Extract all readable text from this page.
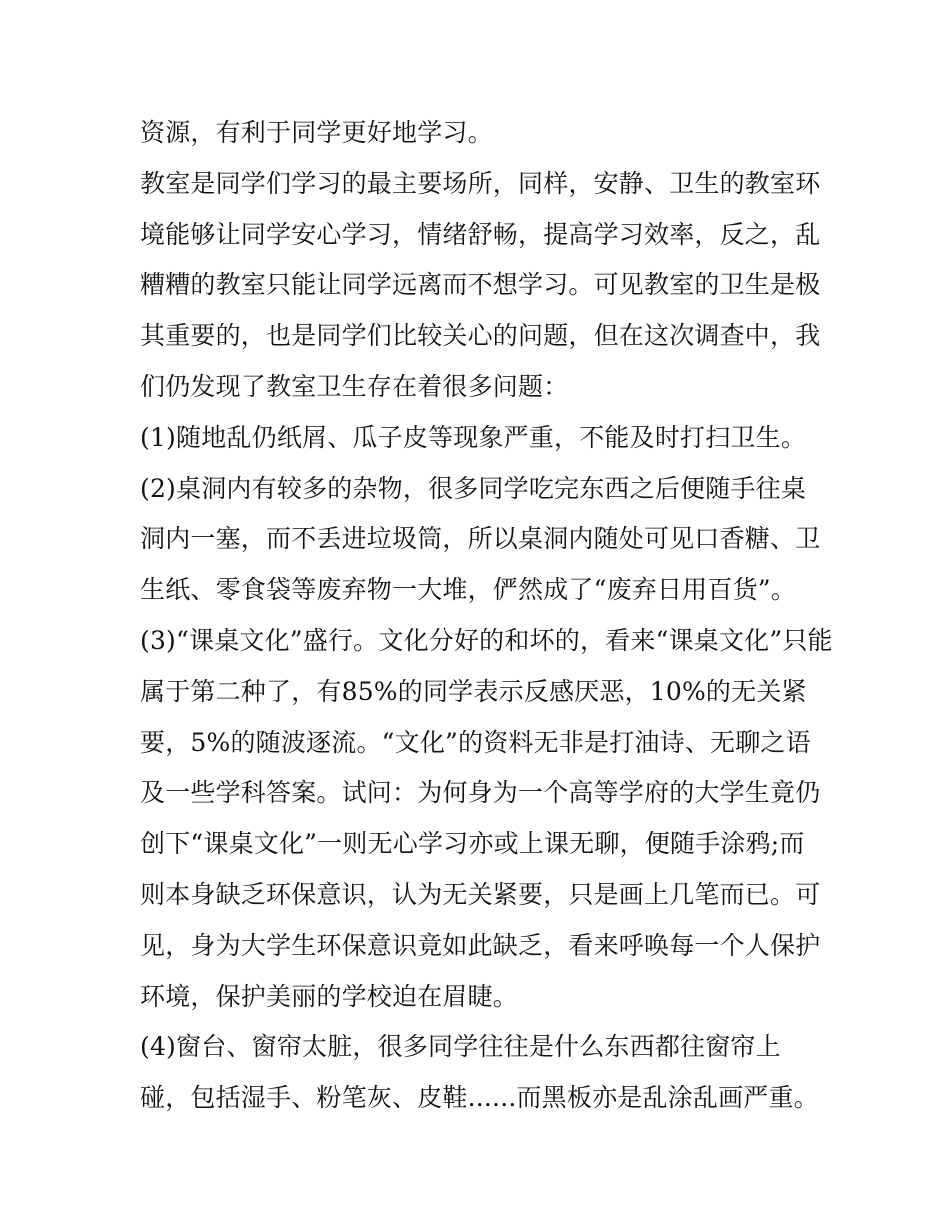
资源，有利于同学更好地学习。
教室是同学们学习的最主要场所，同样，安静、卫生的教室环
境能够让同学安心学习，情绪舒畅，提高学习效率，反之，乱
糟糟的教室只能让同学远离而不想学习。可见教室的卫生是极
其重要的，也是同学们比较关心的问题，但在这次调查中，我
们仍发现了教室卫生存在着很多问题：
(1)随地乱仍纸屑、瓜子皮等现象严重，不能及时打扫卫生。
(2)桌洞内有较多的杂物，很多同学吃完东西之后便随手往桌
洞内一塞，而不丢进垃圾筒，所以桌洞内随处可见口香糖、卫
生纸、零食袋等废弃物一大堆，俨然成了“废弃日用百货”。
(3)“课桌文化”盛行。文化分好的和坏的，看来“课桌文化”只能
属于第二种了，有85%的同学表示反感厌恶，10%的无关紧
要，5%的随波逐流。“文化”的资料无非是打油诗、无聊之语
及一些学科答案。试问：为何身为一个高等学府的大学生竟仍
创下“课桌文化”一则无心学习亦或上课无聊，便随手涂鸦;而
则本身缺乏环保意识，认为无关紧要，只是画上几笔而已。可
见，身为大学生环保意识竟如此缺乏，看来呼唤每一个人保护
环境，保护美丽的学校迫在眉睫。
(4)窗台、窗帘太脏，很多同学往往是什么东西都往窗帘上
碰，包括湿手、粉笔灰、皮鞋......而黑板亦是乱涂乱画严重。
